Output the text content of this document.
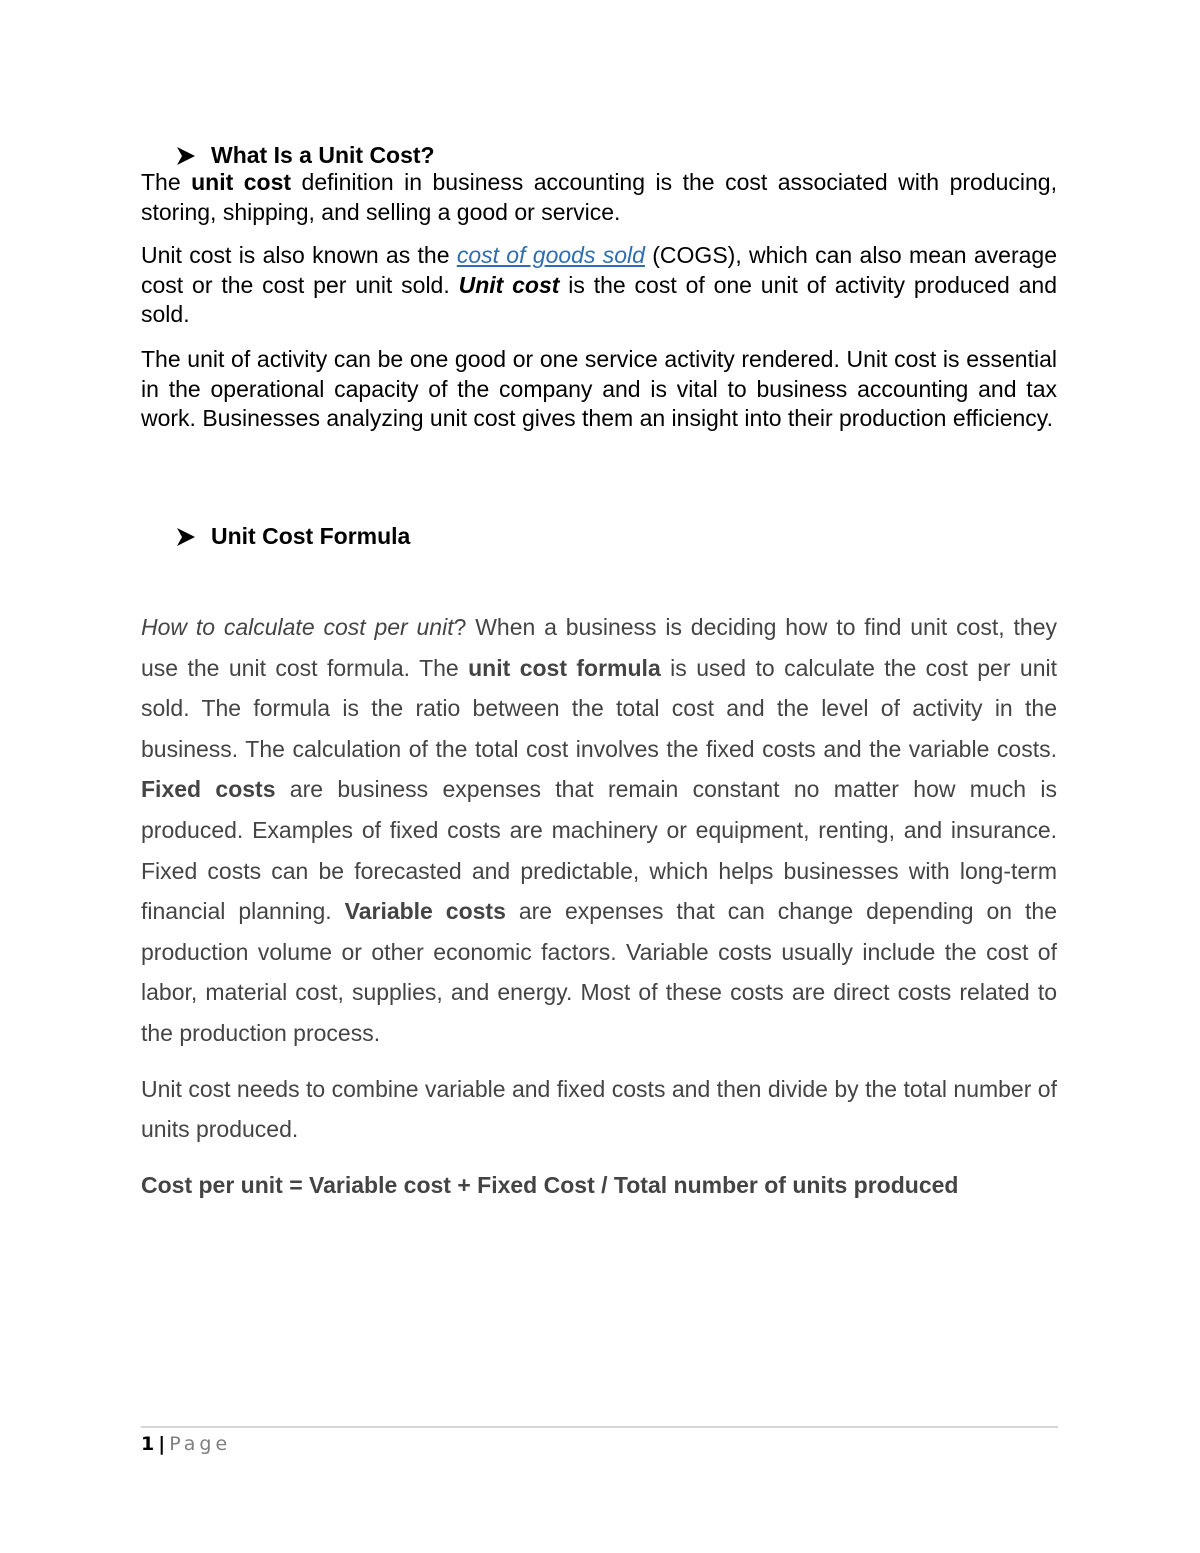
What Is a Unit Cost?

The unit cost definition in business accounting is the cost associated with producing, storing, shipping, and selling a good or service.

Unit cost is also known as the cost of goods sold (COGS), which can also mean average cost or the cost per unit sold. Unit cost is the cost of one unit of activity produced and sold.

The unit of activity can be one good or one service activity rendered. Unit cost is essential in the operational capacity of the company and is vital to business accounting and tax work. Businesses analyzing unit cost gives them an insight into their production efficiency.

Unit Cost Formula

How to calculate cost per unit? When a business is deciding how to find unit cost, they use the unit cost formula. The unit cost formula is used to calculate the cost per unit sold. The formula is the ratio between the total cost and the level of activity in the business. The calculation of the total cost involves the fixed costs and the variable costs. Fixed costs are business expenses that remain constant no matter how much is produced. Examples of fixed costs are machinery or equipment, renting, and insurance. Fixed costs can be forecasted and predictable, which helps businesses with long-term financial planning. Variable costs are expenses that can change depending on the production volume or other economic factors. Variable costs usually include the cost of labor, material cost, supplies, and energy. Most of these costs are direct costs related to the production process.

Unit cost needs to combine variable and fixed costs and then divide by the total number of units produced.

Cost per unit = Variable cost + Fixed Cost / Total number of units produced
1 | Page
